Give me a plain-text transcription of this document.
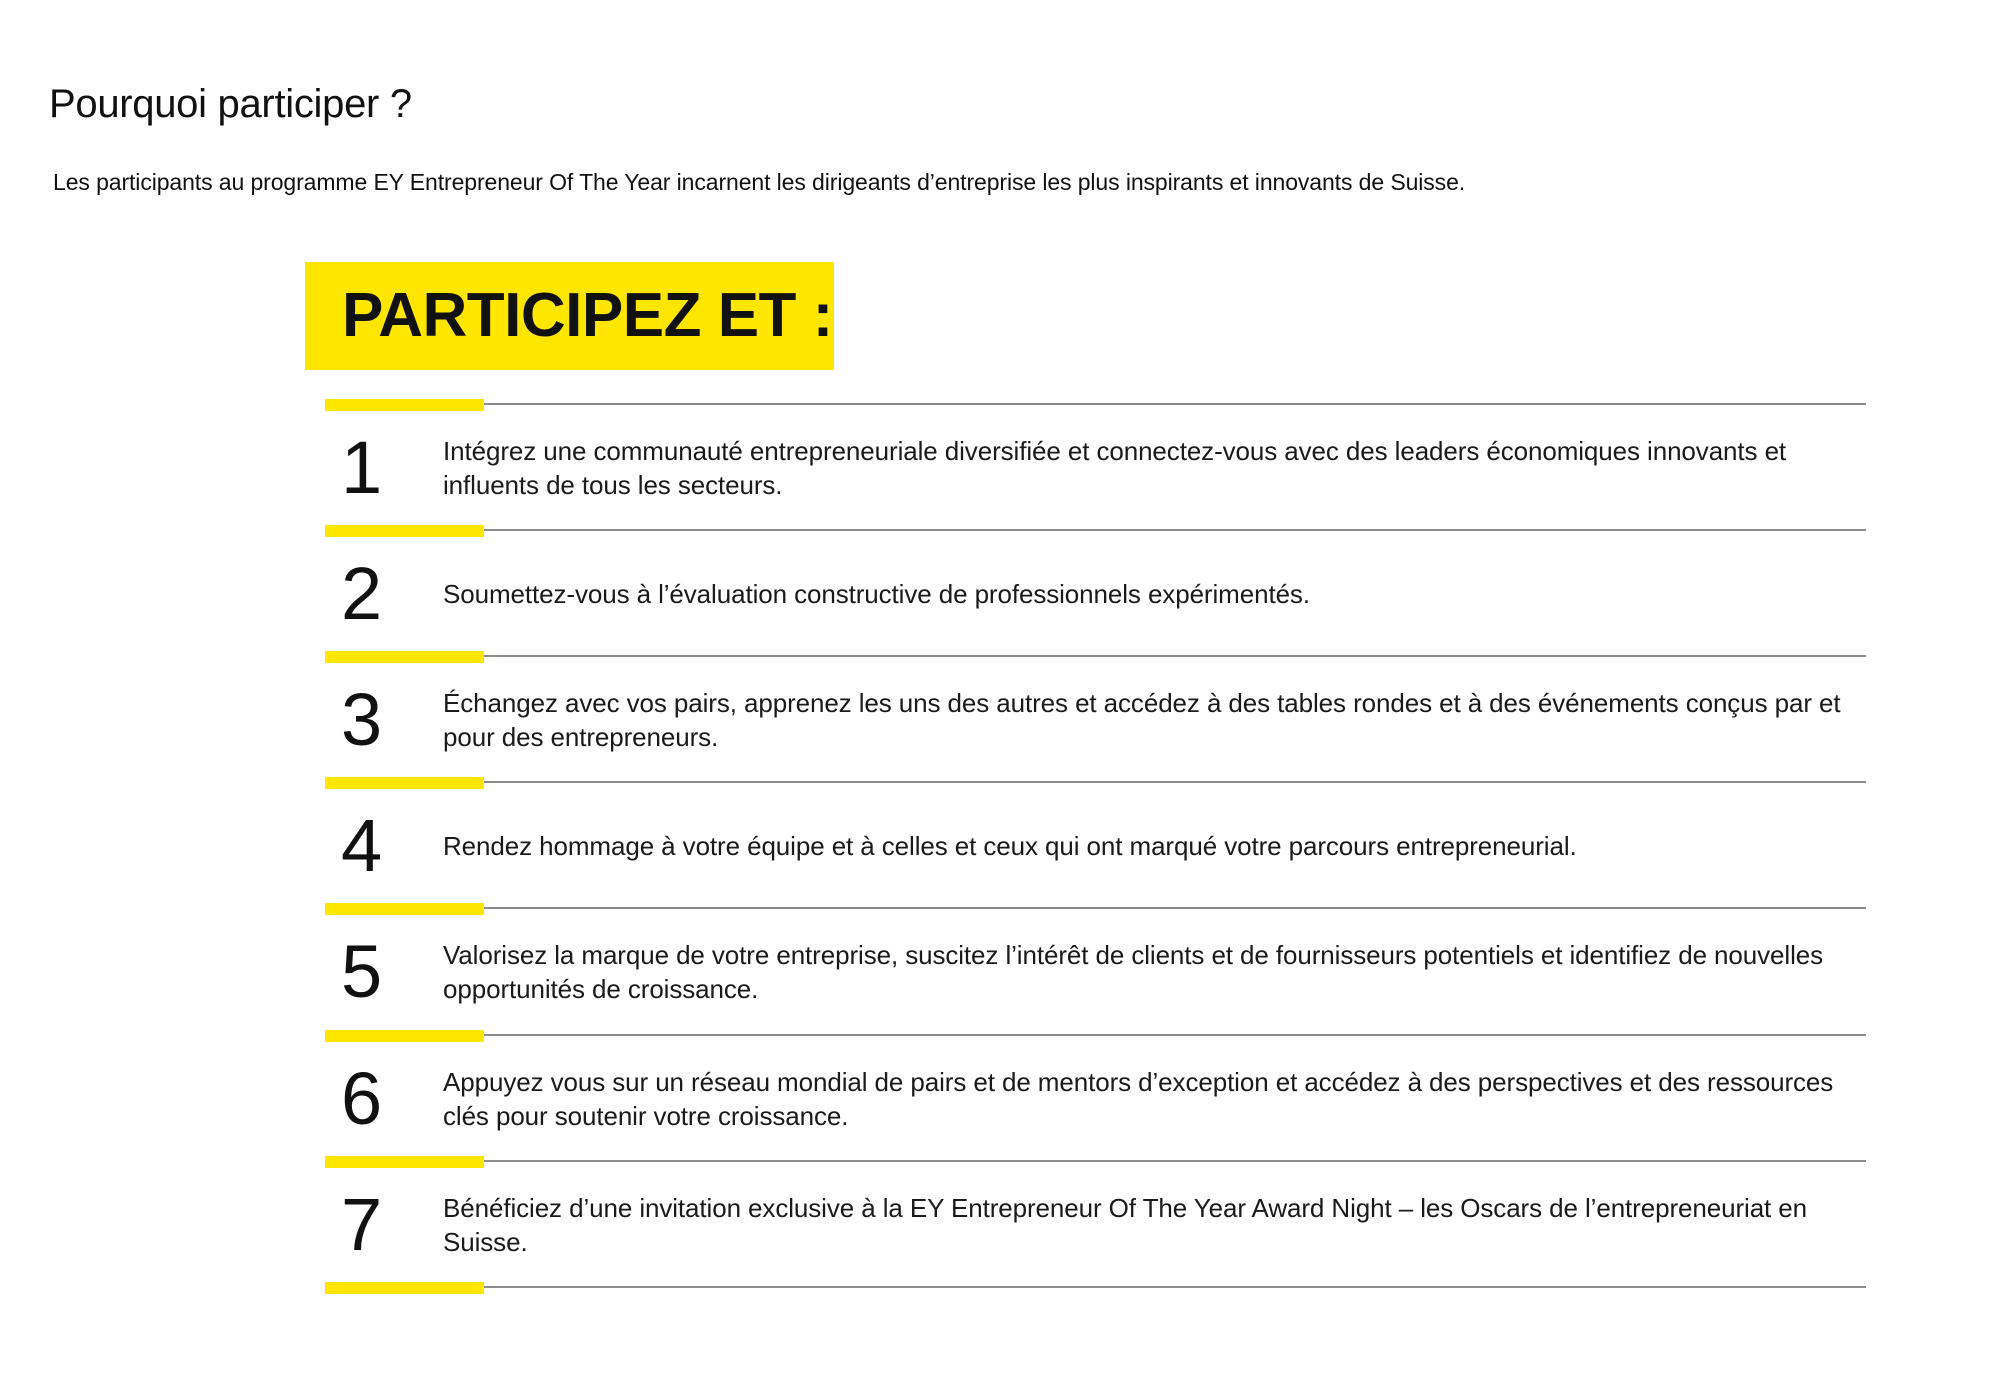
Pourquoi participer ?

Les participants au programme EY Entrepreneur Of The Year incarnent les dirigeants d’entreprise les plus inspirants et innovants de Suisse.

PARTICIPEZ ET :
1	Intégrez une communauté entrepreneuriale diversifiée et connectez-vous avec des leaders économiques innovants et influents de tous les secteurs.
2	Soumettez-vous à l’évaluation constructive de professionnels expérimentés.
3	Échangez avec vos pairs, apprenez les uns des autres et accédez à des tables rondes et à des événements conçus par et pour des entrepreneurs.
4	Rendez hommage à votre équipe et à celles et ceux qui ont marqué votre parcours entrepreneurial.
5	Valorisez la marque de votre entreprise, suscitez l’intérêt de clients et de fournisseurs potentiels et identifiez de nouvelles opportunités de croissance.
6	Appuyez vous sur un réseau mondial de pairs et de mentors d’exception et accédez à des perspectives et des ressources clés pour soutenir votre croissance.
7	Bénéficiez d’une invitation exclusive à la EY Entrepreneur Of The Year Award Night – les Oscars de l’entrepreneuriat en Suisse.
